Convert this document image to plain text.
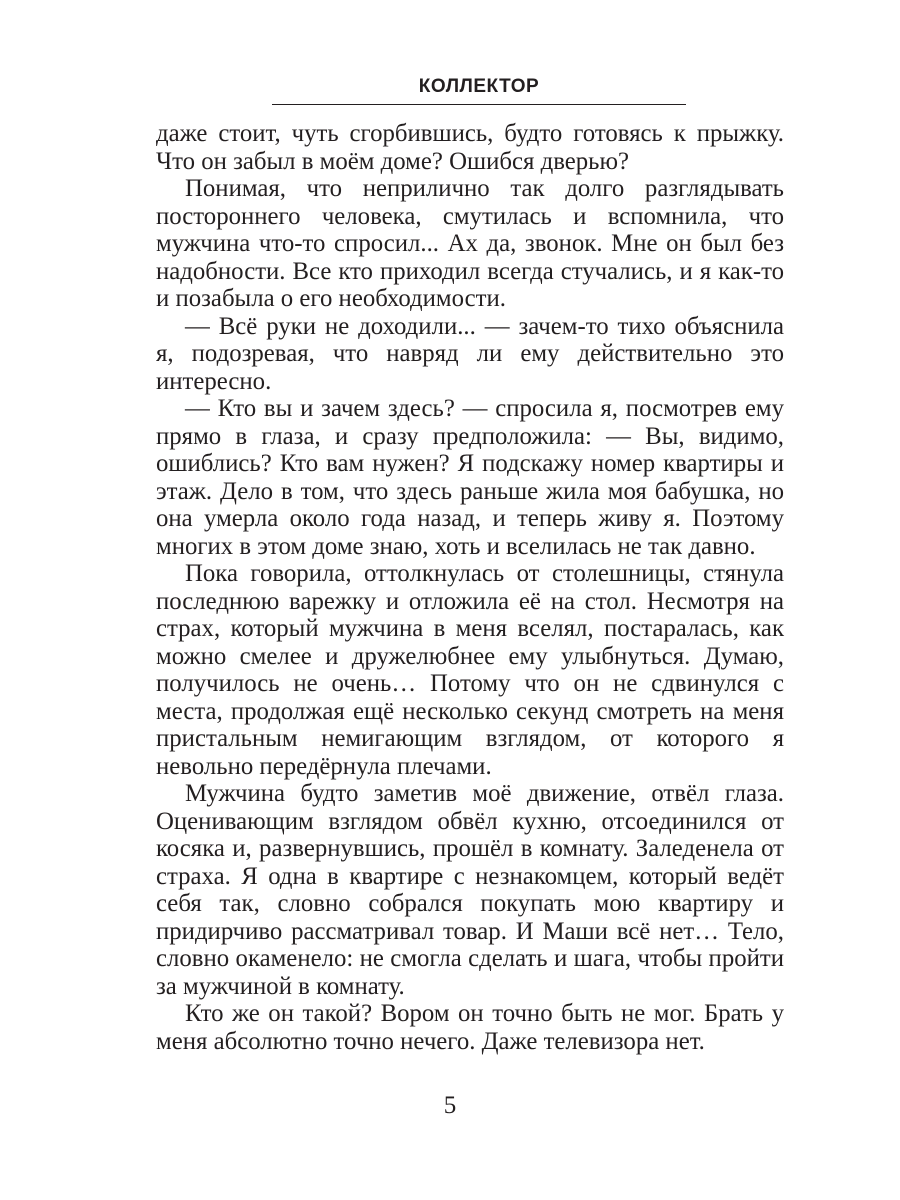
КОЛЛЕКТОР

даже стоит, чуть сгорбившись, будто готовясь к прыжку. Что он забыл в моём доме? Ошибся дверью?

Понимая, что неприлично так долго разглядывать постороннего человека, смутилась и вспомнила, что мужчина что-то спросил... Ах да, звонок. Мне он был без надобности. Все кто приходил всегда стучались, и я как-то и позабыла о его необходимости.

— Всё руки не доходили... — зачем-то тихо объяснила я, подозревая, что навряд ли ему действительно это интересно.

— Кто вы и зачем здесь? — спросила я, посмотрев ему прямо в глаза, и сразу предположила: — Вы, видимо, ошиблись? Кто вам нужен? Я подскажу номер квартиры и этаж. Дело в том, что здесь раньше жила моя бабушка, но она умерла около года назад, и теперь живу я. Поэтому многих в этом доме знаю, хоть и вселилась не так давно.

Пока говорила, оттолкнулась от столешницы, стянула последнюю варежку и отложила её на стол. Несмотря на страх, который мужчина в меня вселял, постаралась, как можно смелее и дружелюбнее ему улыбнуться. Думаю, получилось не очень… Потому что он не сдвинулся с места, продолжая ещё несколько секунд смотреть на меня пристальным немигающим взглядом, от которого я невольно передёрнула плечами.

Мужчина будто заметив моё движение, отвёл глаза. Оценивающим взглядом обвёл кухню, отсоединился от косяка и, развернувшись, прошёл в комнату. Заледенела от страха. Я одна в квартире с незнакомцем, который ведёт себя так, словно собрался покупать мою квартиру и придирчиво рассматривал товар. И Маши всё нет… Тело, словно окаменело: не смогла сделать и шага, чтобы пройти за мужчиной в комнату.

Кто же он такой? Вором он точно быть не мог. Брать у меня абсолютно точно нечего. Даже телевизора нет.

5
